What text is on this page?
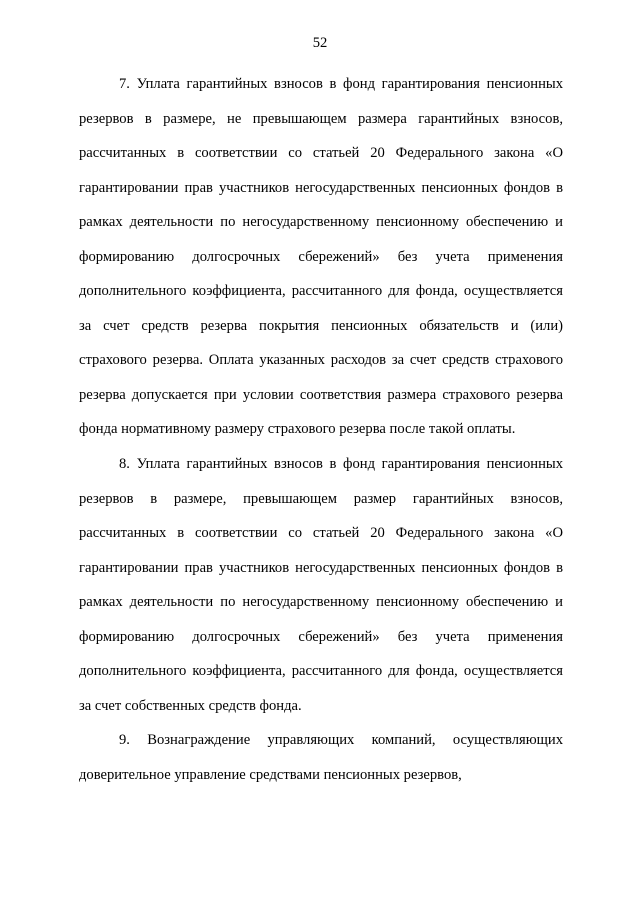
52

7. Уплата гарантийных взносов в фонд гарантирования пенсионных резервов в размере, не превышающем размера гарантийных взносов, рассчитанных в соответствии со статьей 20 Федерального закона «О гарантировании прав участников негосударственных пенсионных фондов в рамках деятельности по негосударственному пенсионному обеспечению и формированию долгосрочных сбережений» без учета применения дополнительного коэффициента, рассчитанного для фонда, осуществляется за счет средств резерва покрытия пенсионных обязательств и (или) страхового резерва. Оплата указанных расходов за счет средств страхового резерва допускается при условии соответствия размера страхового резерва фонда нормативному размеру страхового резерва после такой оплаты.

8. Уплата гарантийных взносов в фонд гарантирования пенсионных резервов в размере, превышающем размер гарантийных взносов, рассчитанных в соответствии со статьей 20 Федерального закона «О гарантировании прав участников негосударственных пенсионных фондов в рамках деятельности по негосударственному пенсионному обеспечению и формированию долгосрочных сбережений» без учета применения дополнительного коэффициента, рассчитанного для фонда, осуществляется за счет собственных средств фонда.

9. Вознаграждение управляющих компаний, осуществляющих доверительное управление средствами пенсионных резервов,
